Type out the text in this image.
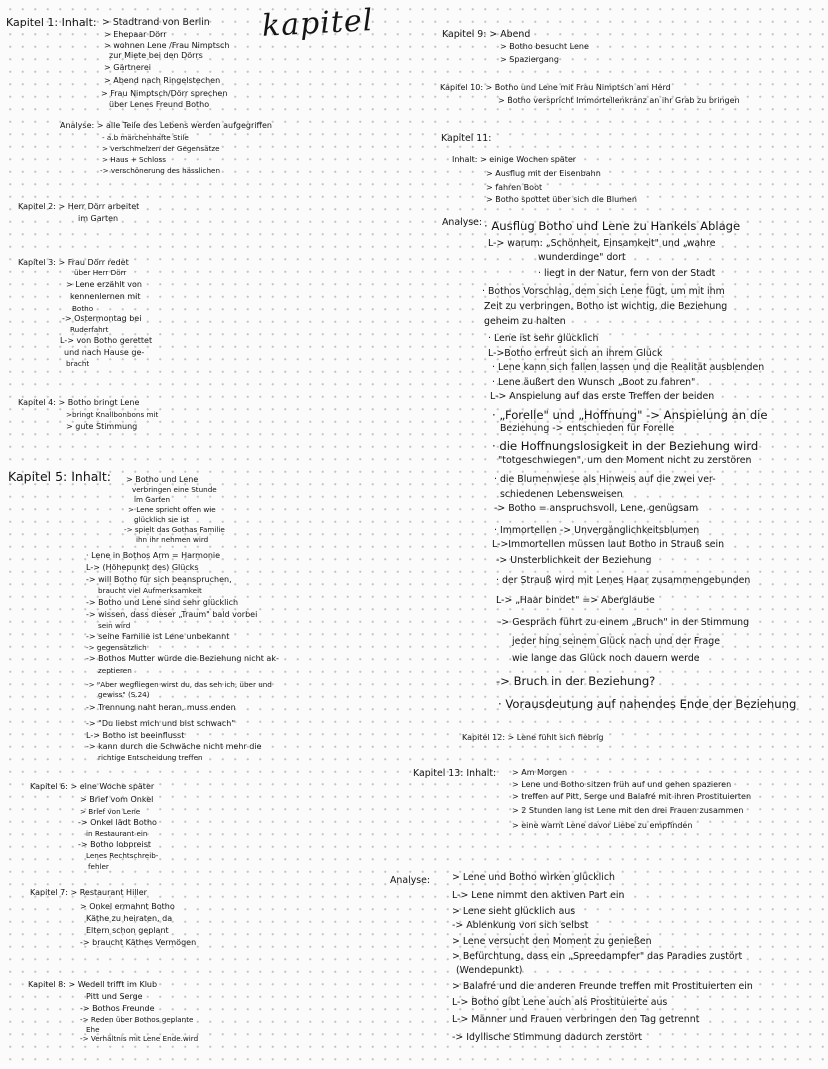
kapitel
Kapitel 1: Inhalt: > Stadtrand von Berlin
> Ehepaar Dörr
> wohnen Lene /Frau Nimptsch
zur Miete bei den Dörrs
> Gärtnerei
> Abend nach Ringelstechen
> Frau Nimptsch/Dörr sprechen
über Lenes Freund Botho
Analyse: > alle Teile des Lebens werden aufgegriffen
- a.b märchenhafte Stile
> verschmelzen der Gegensätze
> Haus + Schloss
-> verschönerung des hässlichen
Kapitel 2: > Herr Dörr arbeitet
im Garten
Kapitel 3: > Frau Dörr redet
über Herr Dörr
> Lene erzählt von
kennenlernen mit
Botho
-> Ostermontag bei
Ruderfahrt
L-> von Botho gerettet
und nach Hause ge-
bracht
Kapitel 4: > Botho bringt Lene
>bringt Knallbonbons mit
> gute Stimmung
Kapitel 5: Inhalt: > Botho und Lene
verbringen eine Stunde
im Garten
> Lene spricht offen wie
glücklich sie ist
-> spielt das Gothas Familie
ihn ihr nehmen wird
· Lene in Bothos Arm = Harmonie
L-> (Höhepunkt des) Glücks
-> will Botho für sich beanspruchen,
braucht viel Aufmerksamkeit
-> Botho und Lene sind sehr glücklich
-> wissen, dass dieser „Traum" bald vorbei
sein wird
-> seine Familie ist Lene unbekannt
-> gegensätzlich
-> Bothos Mutter würde die Beziehung nicht ak-
zeptieren
-> "Aber wegfliegen wirst du, das seh ich, über und
gewiss" (S.24)
-> Trennung naht heran, muss enden
-> "Du liebst mich und bist schwach"
L-> Botho ist beeinflusst
-> kann durch die Schwäche nicht mehr die
richtige Entscheidung treffen
Kapitel 6: > eine Woche später
> Brief vom Onkel
> Brief von Lene
-> Onkel lädt Botho
in Restaurant ein
-> Botho lobpreist
Lenes Rechtschreib-
fehler
Kapitel 7: > Restaurant Hiller
> Onkel ermahnt Botho
Käthe zu heiraten, da
Eltern schon geplant
-> braucht Käthes Vermögen
Kapitel 8: > Wedell trifft im Klub
Pitt und Serge
-> Bothos Freunde
-> Reden über Bothos geplante
Ehe
-> Verhältnis mit Lene Ende.wird
Kapitel 9: > Abend
> Botho besucht Lene
> Spaziergang
Kapitel 10: > Botho und Lene mit Frau Nimptsch am Herd
> Botho verspricht Immortellenkranz an ihr Grab zu bringen
Kapitel 11:
Inhalt: > einige Wochen später
> Ausflug mit der Eisenbahn
> fahren Boot
> Botho spottet über sich die Blumen
Analyse: · Ausflug Botho und Lene zu Hankels Ablage
L-> warum: „Schönheit, Einsamkeit" und „wahre
wunderdinge" dort
· liegt in der Natur, fern von der Stadt
· Bothos Vorschlag, dem sich Lene fügt, um mit ihm
Zeit zu verbringen, Botho ist wichtig, die Beziehung
geheim zu halten
· Lene ist sehr glücklich
L->Botho erfreut sich an ihrem Glück
· Lene kann sich fallen lassen und die Realität ausblenden
· Lene äußert den Wunsch „Boot zu fahren"
L-> Anspielung auf das erste Treffen der beiden
· „Forelle" und „Hoffnung" -> Anspielung an die
Beziehung -> entschieden für Forelle
· die Hoffnungslosigkeit in der Beziehung wird
"totgeschwiegen", um den Moment nicht zu zerstören
· die Blumenwiese als Hinweis auf die zwei ver-
schiedenen Lebensweisen
-> Botho = anspruchsvoll, Lene, genügsam
· Immortellen -> Unvergänglichkeitsblumen
L->Immortellen müssen laut Botho in Strauß sein
-> Unsterblichkeit der Beziehung
· der Strauß wird mit Lenes Haar zusammengebunden
L-> „Haar bindet" => Aberglaube
-> Gespräch führt zu einem „Bruch" in der Stimmung
jeder hing seinem Glück nach und der Frage
wie lange das Glück noch dauern werde
-> Bruch in der Beziehung?
· Vorausdeutung auf nahendes Ende der Beziehung
Kapitel 12: > Lene fühlt sich fiebrig
Kapitel 13: Inhalt: > Am Morgen
> Lene und Botho sitzen früh auf und gehen spazieren
> treffen auf Pitt, Serge und Balafré mit ihren Prostituierten
> 2 Stunden lang ist Lene mit den drei Frauen zusammen
> eine warnt Lene davor Liebe zu empfinden
Analyse: > Lene und Botho wirken glücklich
L-> Lene nimmt den aktiven Part ein
> Lene sieht glücklich aus
-> Ablenkung von sich selbst
> Lene versucht den Moment zu genießen
> Befürchtung, dass ein „Spreedampfer" das Paradies zustört
(Wendepunkt)
> Balafré und die anderen Freunde treffen mit Prostituierten ein
L-> Botho gibt Lene auch als Prostituierte aus
L-> Männer und Frauen verbringen den Tag getrennt
-> Idyllische Stimmung dadurch zerstört
